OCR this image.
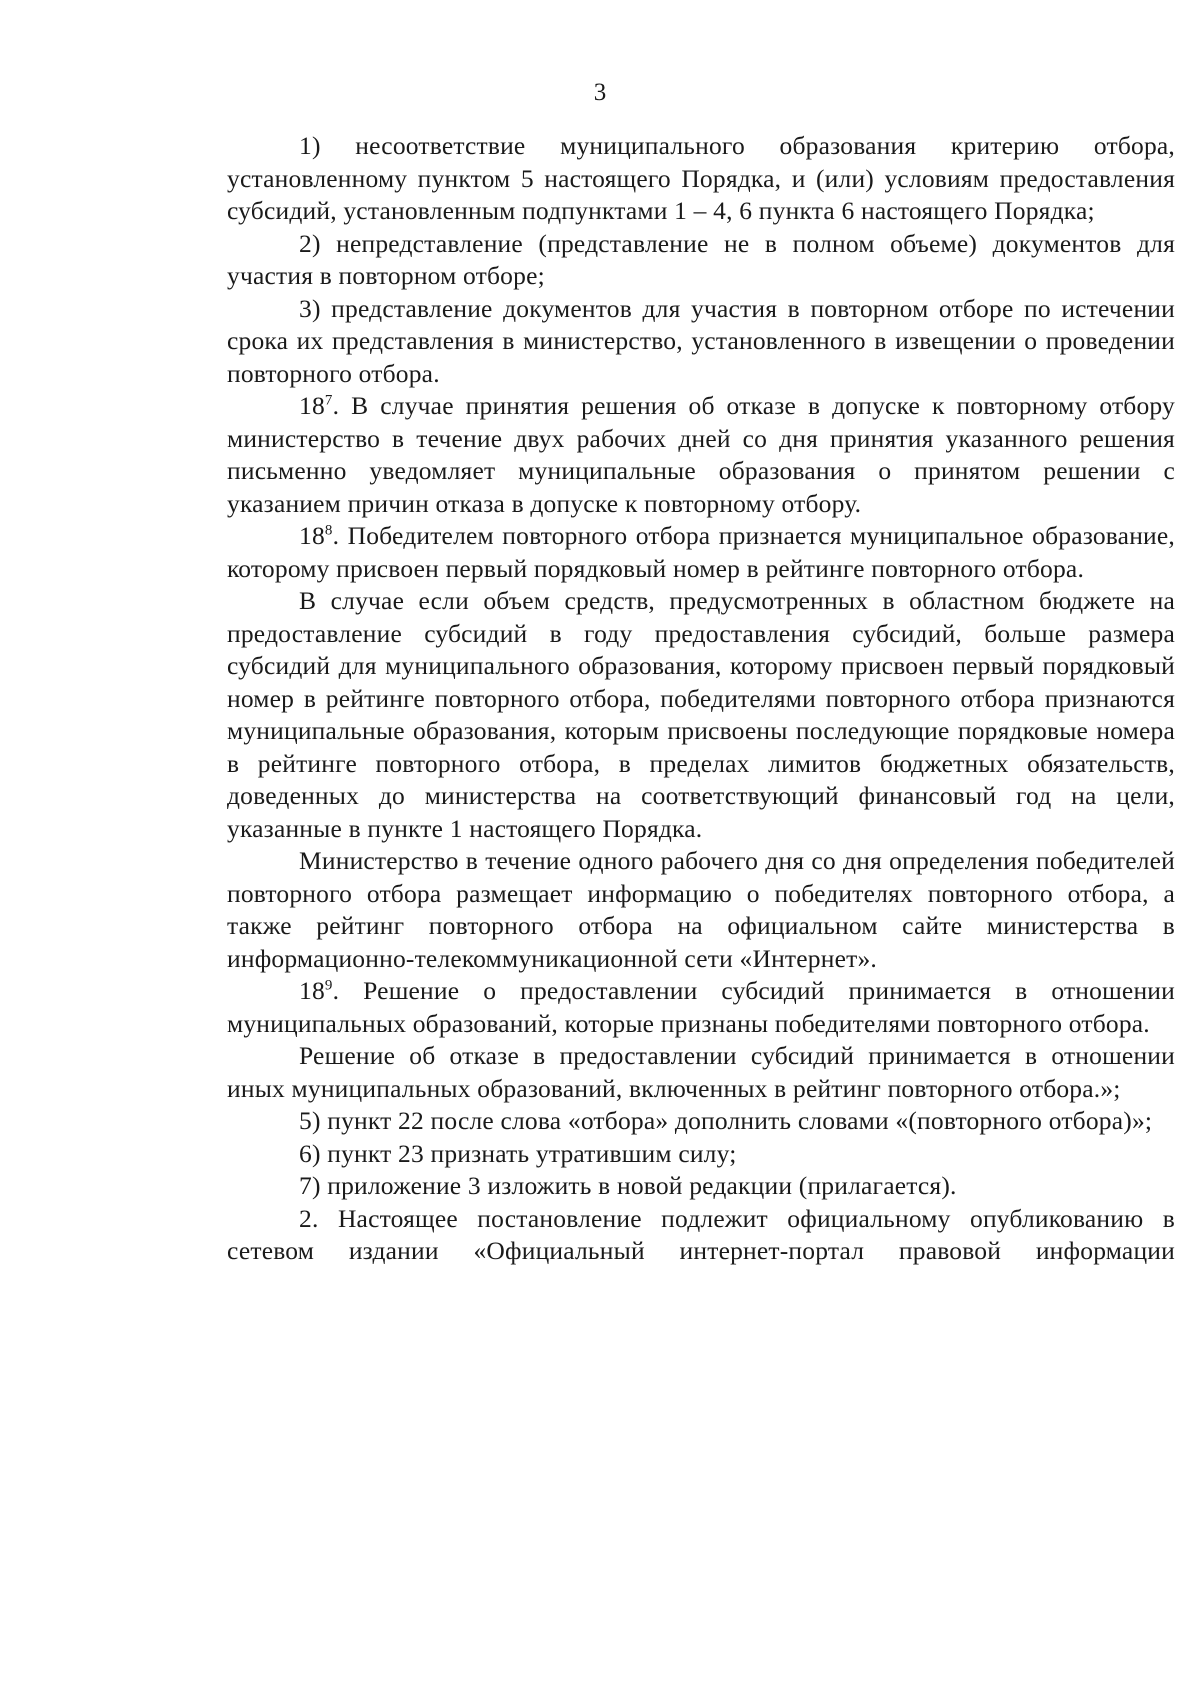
3

1) несоответствие муниципального образования критерию отбора, установленному пунктом 5 настоящего Порядка, и (или) условиям предоставления субсидий, установленным подпунктами 1 – 4, 6 пункта 6 настоящего Порядка;

2) непредставление (представление не в полном объеме) документов для участия в повторном отборе;

3) представление документов для участия в повторном отборе по истечении срока их представления в министерство, установленного в извещении о проведении повторного отбора.

$18^7$. В случае принятия решения об отказе в допуске к повторному отбору министерство в течение двух рабочих дней со дня принятия указанного решения письменно уведомляет муниципальные образования о принятом решении с указанием причин отказа в допуске к повторному отбору.

$18^8$. Победителем повторного отбора признается муниципальное образование, которому присвоен первый порядковый номер в рейтинге повторного отбора.

В случае если объем средств, предусмотренных в областном бюджете на предоставление субсидий в году предоставления субсидий, больше размера субсидий для муниципального образования, которому присвоен первый порядковый номер в рейтинге повторного отбора, победителями повторного отбора признаются муниципальные образования, которым присвоены последующие порядковые номера в рейтинге повторного отбора, в пределах лимитов бюджетных обязательств, доведенных до министерства на соответствующий финансовый год на цели, указанные в пункте 1 настоящего Порядка.

Министерство в течение одного рабочего дня со дня определения победителей повторного отбора размещает информацию о победителях повторного отбора, а также рейтинг повторного отбора на официальном сайте министерства в информационно-телекоммуникационной сети «Интернет».

$18^9$. Решение о предоставлении субсидий принимается в отношении муниципальных образований, которые признаны победителями повторного отбора.

Решение об отказе в предоставлении субсидий принимается в отношении иных муниципальных образований, включенных в рейтинг повторного отбора.»;

5) пункт 22 после слова «отбора» дополнить словами «(повторного отбора)»;

6) пункт 23 признать утратившим силу;

7) приложение 3 изложить в новой редакции (прилагается).

2. Настоящее постановление подлежит официальному опубликованию в сетевом издании «Официальный интернет-портал правовой информации
